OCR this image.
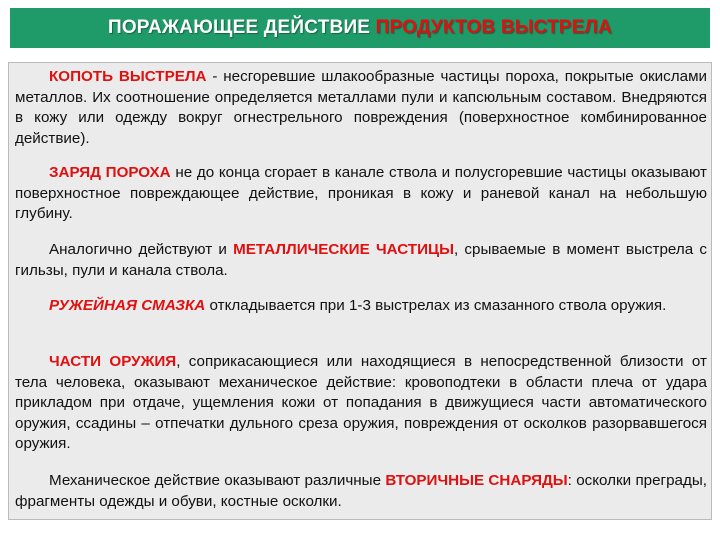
ПОРАЖАЮЩЕЕ ДЕЙСТВИЕ ПРОДУКТОВ ВЫСТРЕЛА

КОПОТЬ ВЫСТРЕЛА - несгоревшие шлакообразные частицы пороха, покрытые окислами металлов. Их соотношение определяется металлами пули и капсюльным составом. Внедряются в кожу или одежду вокруг огнестрельного повреждения (поверхностное комбинированное действие).

ЗАРЯД ПОРОХА не до конца сгорает в канале ствола и полусгоревшие частицы оказывают поверхностное повреждающее действие, проникая в кожу и раневой канал на небольшую глубину.

Аналогично действуют и МЕТАЛЛИЧЕСКИЕ ЧАСТИЦЫ, срываемые в момент выстрела с гильзы, пули и канала ствола.

РУЖЕЙНАЯ СМАЗКА откладывается при 1-3 выстрелах из смазанного ствола оружия.

ЧАСТИ ОРУЖИЯ, соприкасающиеся или находящиеся в непосредственной близости от тела человека, оказывают механическое действие: кровоподтеки в области плеча от удара прикладом при отдаче, ущемления кожи от попадания в движущиеся части автоматического оружия, ссадины – отпечатки дульного среза оружия, повреждения от осколков разорвавшегося оружия.

Механическое действие оказывают различные ВТОРИЧНЫЕ СНАРЯДЫ: осколки преграды, фрагменты одежды и обуви, костные осколки.
